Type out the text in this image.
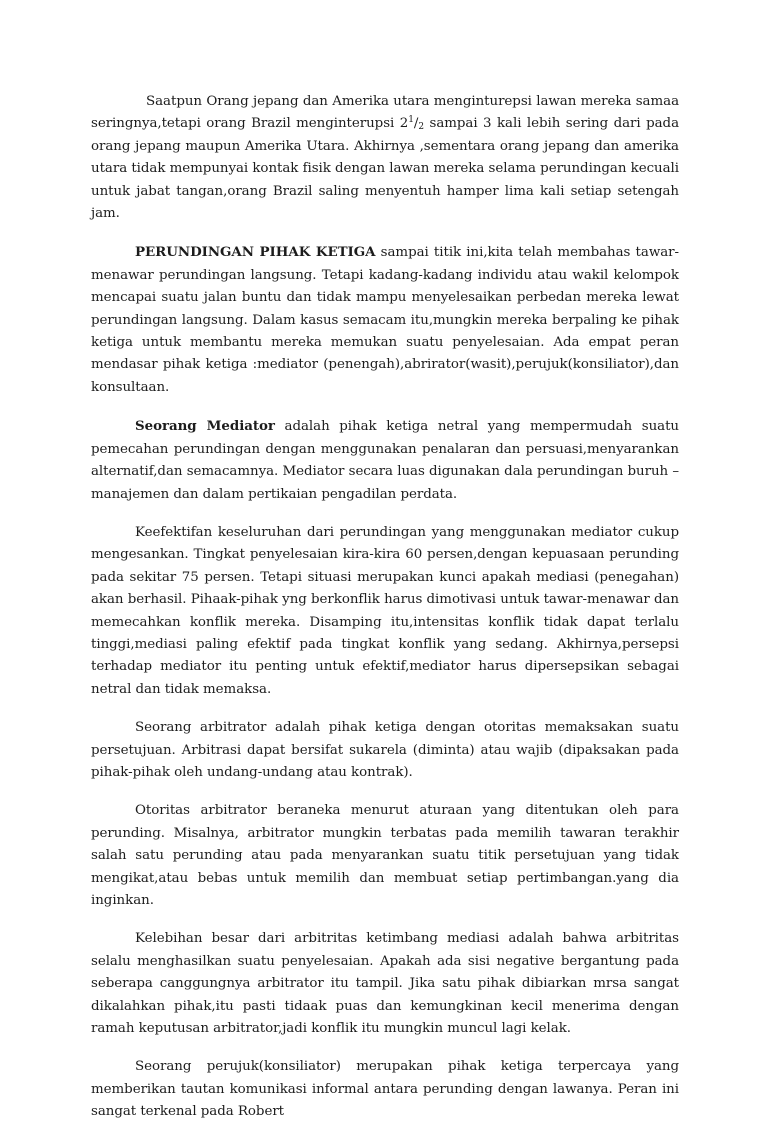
Saatpun Orang jepang dan Amerika utara menginturepsi lawan mereka samaa seringnya,tetapi orang Brazil menginterupsi $2^1/_2$ sampai 3 kali lebih sering dari pada orang jepang maupun Amerika Utara. Akhirnya ,sementara orang jepang dan amerika utara tidak mempunyai kontak fisik dengan lawan mereka selama perundingan kecuali untuk jabat tangan,orang Brazil saling menyentuh hamper lima kali setiap setengah jam.

PERUNDINGAN PIHAK KETIGA sampai titik ini,kita telah membahas tawar-menawar perundingan langsung. Tetapi kadang-kadang individu atau wakil kelompok mencapai suatu jalan buntu dan tidak mampu menyelesaikan perbedan mereka lewat perundingan langsung. Dalam kasus semacam itu,mungkin mereka berpaling ke pihak ketiga untuk membantu mereka memukan suatu penyelesaian. Ada empat peran mendasar pihak ketiga :mediator (penengah),abrirator(wasit),perujuk(konsiliator),dan konsultaan.

Seorang Mediator adalah pihak ketiga netral yang mempermudah suatu pemecahan perundingan dengan menggunakan penalaran dan persuasi,menyarankan alternatif,dan semacamnya. Mediator secara luas digunakan dala perundingan buruh –manajemen dan dalam pertikaian pengadilan perdata.

Keefektifan keseluruhan dari perundingan yang menggunakan mediator cukup mengesankan. Tingkat penyelesaian kira-kira 60 persen,dengan kepuasaan perunding pada sekitar 75 persen. Tetapi situasi merupakan kunci apakah mediasi (penegahan) akan berhasil. Pihaak-pihak yng berkonflik harus dimotivasi untuk tawar-menawar dan memecahkan konflik mereka. Disamping itu,intensitas konflik tidak dapat terlalu tinggi,mediasi paling efektif pada tingkat konflik yang sedang. Akhirnya,persepsi terhadap mediator itu penting untuk efektif,mediator harus dipersepsikan sebagai netral dan tidak memaksa.

Seorang arbitrator adalah pihak ketiga dengan otoritas memaksakan suatu persetujuan. Arbitrasi dapat bersifat sukarela (diminta) atau wajib (dipaksakan pada pihak-pihak oleh undang-undang atau kontrak).

Otoritas arbitrator beraneka menurut aturaan yang ditentukan oleh para perunding. Misalnya, arbitrator mungkin terbatas pada memilih tawaran terakhir salah satu perunding atau pada menyarankan suatu titik persetujuan yang tidak mengikat,atau bebas untuk memilih dan membuat setiap pertimbangan.yang dia inginkan.

Kelebihan besar dari arbitritas ketimbang mediasi adalah bahwa arbitritas selalu menghasilkan suatu penyelesaian. Apakah ada sisi negative bergantung pada seberapa canggungnya arbitrator itu tampil. Jika satu pihak dibiarkan mrsa sangat dikalahkan pihak,itu pasti tidaak puas dan kemungkinan kecil menerima dengan ramah keputusan arbitrator,jadi konflik itu mungkin muncul lagi kelak.

Seorang perujuk(konsiliator) merupakan pihak ketiga terpercaya yang memberikan tautan komunikasi informal antara perunding dengan lawanya. Peran ini sangat terkenal pada Robert
